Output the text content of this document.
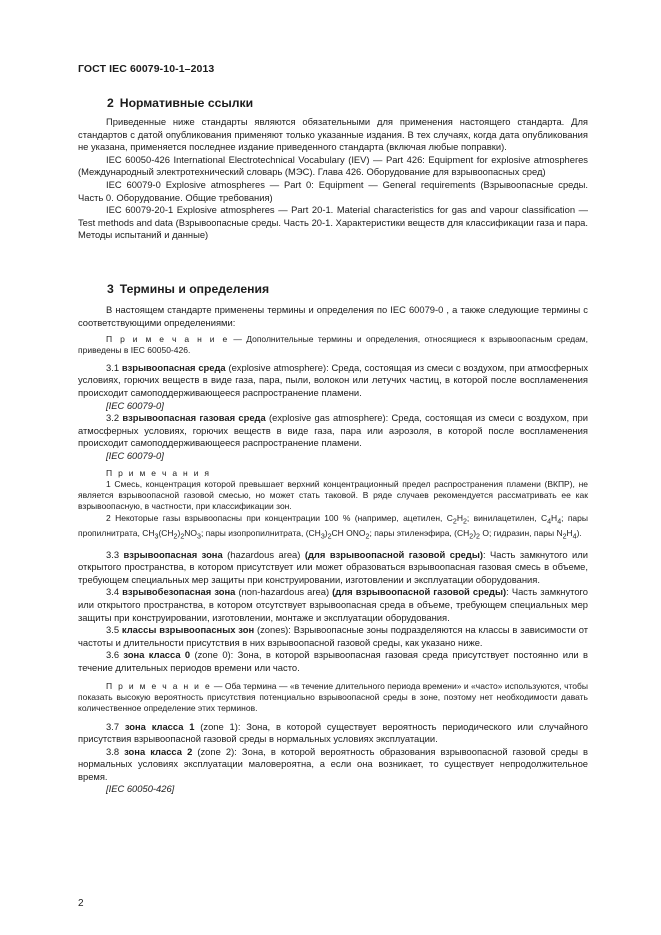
ГОСТ IEC 60079-10-1–2013
2 Нормативные ссылки

Приведенные ниже стандарты являются обязательными для применения настоящего стандарта. Для стандартов с датой опубликования применяют только указанные издания. В тех случаях, когда дата опубликования не указана, применяется последнее издание приведенного стандарта (включая любые поправки).

IEC 60050-426 International Electrotechnical Vocabulary (IEV) — Part 426: Equipment for explosive atmospheres (Международный электротехнический словарь (МЭС). Глава 426. Оборудование для взрывоопасных сред)

IEC 60079-0 Explosive atmospheres — Part 0: Equipment — General requirements (Взрывоопасные среды. Часть 0. Оборудование. Общие требования)

IEC 60079-20-1 Explosive atmospheres — Part 20-1. Material characteristics for gas and vapour classification — Test methods and data (Взрывоопасные среды. Часть 20-1. Характеристики веществ для классификации газа и пара. Методы испытаний и данные)

3 Термины и определения

В настоящем стандарте применены термины и определения по IEC 60079-0 , а также следующие термины с соответствующими определениями:

П р и м е ч а н и е — Дополнительные термины и определения, относящиеся к взрывоопасным средам, приведены в IEC 60050-426.

3.1 взрывоопасная среда (explosive atmosphere): Среда, состоящая из смеси с воздухом, при атмосферных условиях, горючих веществ в виде газа, пара, пыли, волокон или летучих частиц, в которой после воспламенения происходит самоподдерживающееся распространение пламени.

[IEC 60079-0]

3.2 взрывоопасная газовая среда (explosive gas atmosphere): Среда, состоящая из смеси с воздухом, при атмосферных условиях, горючих веществ в виде газа, пара или аэрозоля, в которой после воспламенения происходит самоподдерживающееся распространение пламени.

[IEC 60079-0]

П р и м е ч а н и я

1 Смесь, концентрация которой превышает верхний концентрационный предел распространения пламени (ВКПР), не является взрывоопасной газовой смесью, но может стать таковой. В ряде случаев рекомендуется рассматривать ее как взрывоопасную, в частности, при классификации зон.

2 Некоторые газы взрывоопасны при концентрации 100 % (например, ацетилен, $C_2H_2$; винилацетилен, $C_4H_4$; пары пропилнитрата, $CH_3(CH_2)_2NO_3$; пары изопропилнитрата, $(CH_3)_2CH$ $ONO_2$; пары этиленэфира, $(CH_2)_2$ O; гидразин, пары $N_2H_4$).

3.3 взрывоопасная зона (hazardous area) (для взрывоопасной газовой среды): Часть замкнутого или открытого пространства, в котором присутствует или может образоваться взрывоопасная газовая смесь в объеме, требующем специальных мер защиты при конструировании, изготовлении и эксплуатации оборудования.

3.4 взрывобезопасная зона (non-hazardous area) (для взрывоопасной газовой среды): Часть замкнутого или открытого пространства, в котором отсутствует взрывоопасная среда в объеме, требующем специальных мер защиты при конструировании, изготовлении, монтаже и эксплуатации оборудования.

3.5 классы взрывоопасных зон (zones): Взрывоопасные зоны подразделяются на классы в зависимости от частоты и длительности присутствия в них взрывоопасной газовой среды, как указано ниже.

3.6 зона класса 0 (zone 0): Зона, в которой взрывоопасная газовая среда присутствует постоянно или в течение длительных периодов времени или часто.

П р и м е ч а н и е — Оба термина — «в течение длительного периода времени» и «часто» используются, чтобы показать высокую вероятность присутствия потенциально взрывоопасной среды в зоне, поэтому нет необходимости давать количественное определение этих терминов.

3.7 зона класса 1 (zone 1): Зона, в которой существует вероятность периодического или случайного присутствия взрывоопасной газовой среды в нормальных условиях эксплуатации.

3.8 зона класса 2 (zone 2): Зона, в которой вероятность образования взрывоопасной газовой среды в нормальных условиях эксплуатации маловероятна, а если она возникает, то существует непродолжительное время.

[IEC 60050-426]

2
